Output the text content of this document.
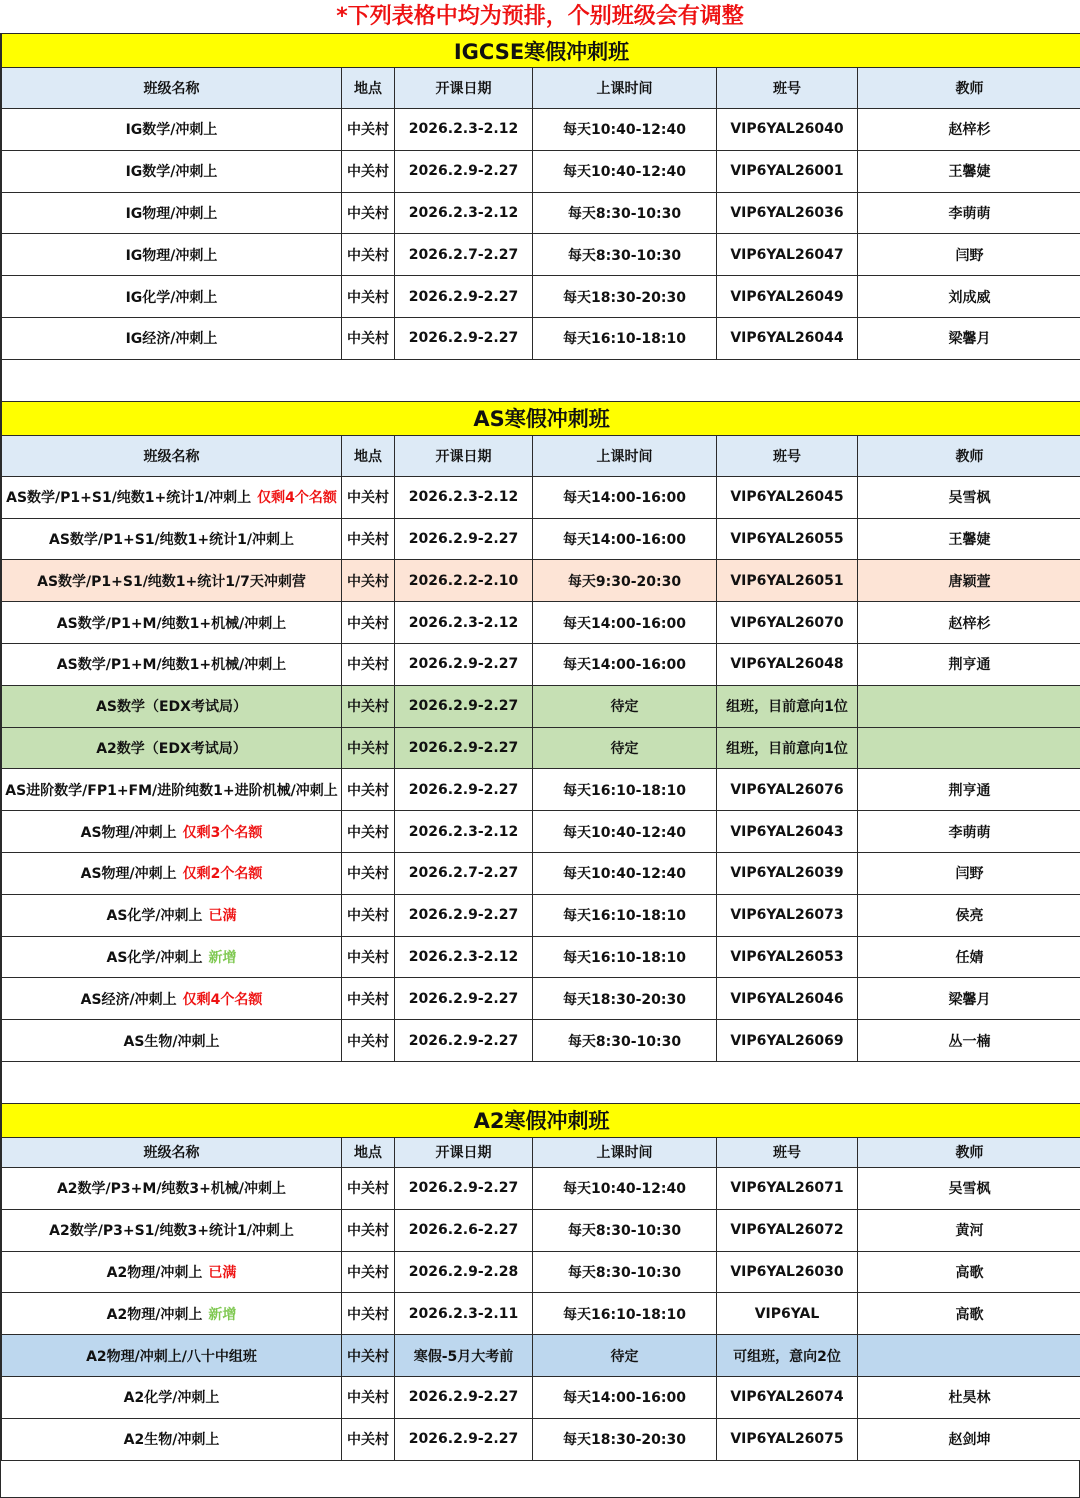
*下列表格中均为预排，个别班级会有调整
IGCSE寒假冲刺班					
班级名称	地点	开课日期	上课时间	班号	教师
IG数学/冲刺上	中关村	2026.2.3-2.12	每天10:40-12:40	VIP6YAL26040	赵梓杉
IG数学/冲刺上	中关村	2026.2.9-2.27	每天10:40-12:40	VIP6YAL26001	王馨婕
IG物理/冲刺上	中关村	2026.2.3-2.12	每天8:30-10:30	VIP6YAL26036	李萌萌
IG物理/冲刺上	中关村	2026.2.7-2.27	每天8:30-10:30	VIP6YAL26047	闫野
IG化学/冲刺上	中关村	2026.2.9-2.27	每天18:30-20:30	VIP6YAL26049	刘成威
IG经济/冲刺上	中关村	2026.2.9-2.27	每天16:10-18:10	VIP6YAL26044	梁馨月

AS寒假冲刺班					
班级名称	地点	开课日期	上课时间	班号	教师
AS数学/P1+S1/纯数1+统计1/冲刺上 仅剩4个名额	中关村	2026.2.3-2.12	每天14:00-16:00	VIP6YAL26045	吴雪枫
AS数学/P1+S1/纯数1+统计1/冲刺上	中关村	2026.2.9-2.27	每天14:00-16:00	VIP6YAL26055	王馨婕
AS数学/P1+S1/纯数1+统计1/7天冲刺营	中关村	2026.2.2-2.10	每天9:30-20:30	VIP6YAL26051	唐颖萱
AS数学/P1+M/纯数1+机械/冲刺上	中关村	2026.2.3-2.12	每天14:00-16:00	VIP6YAL26070	赵梓杉
AS数学/P1+M/纯数1+机械/冲刺上	中关村	2026.2.9-2.27	每天14:00-16:00	VIP6YAL26048	荆亨通
AS数学（EDX考试局）	中关村	2026.2.9-2.27	待定	组班，目前意向1位	
A2数学（EDX考试局）	中关村	2026.2.9-2.27	待定	组班，目前意向1位	
AS进阶数学/FP1+FM/进阶纯数1+进阶机械/冲刺上	中关村	2026.2.9-2.27	每天16:10-18:10	VIP6YAL26076	荆亨通
AS物理/冲刺上 仅剩3个名额	中关村	2026.2.3-2.12	每天10:40-12:40	VIP6YAL26043	李萌萌
AS物理/冲刺上 仅剩2个名额	中关村	2026.2.7-2.27	每天10:40-12:40	VIP6YAL26039	闫野
AS化学/冲刺上 已满	中关村	2026.2.9-2.27	每天16:10-18:10	VIP6YAL26073	侯亮
AS化学/冲刺上 新增	中关村	2026.2.3-2.12	每天16:10-18:10	VIP6YAL26053	任婧
AS经济/冲刺上 仅剩4个名额	中关村	2026.2.9-2.27	每天18:30-20:30	VIP6YAL26046	梁馨月
AS生物/冲刺上	中关村	2026.2.9-2.27	每天8:30-10:30	VIP6YAL26069	丛一楠

A2寒假冲刺班					
班级名称	地点	开课日期	上课时间	班号	教师
A2数学/P3+M/纯数3+机械/冲刺上	中关村	2026.2.9-2.27	每天10:40-12:40	VIP6YAL26071	吴雪枫
A2数学/P3+S1/纯数3+统计1/冲刺上	中关村	2026.2.6-2.27	每天8:30-10:30	VIP6YAL26072	黄河
A2物理/冲刺上 已满	中关村	2026.2.9-2.28	每天8:30-10:30	VIP6YAL26030	高歌
A2物理/冲刺上 新增	中关村	2026.2.3-2.11	每天16:10-18:10	VIP6YAL	高歌
A2物理/冲刺上/八十中组班	中关村	寒假-5月大考前	待定	可组班，意向2位	
A2化学/冲刺上	中关村	2026.2.9-2.27	每天14:00-16:00	VIP6YAL26074	杜昊林
A2生物/冲刺上	中关村	2026.2.9-2.27	每天18:30-20:30	VIP6YAL26075	赵剑坤
